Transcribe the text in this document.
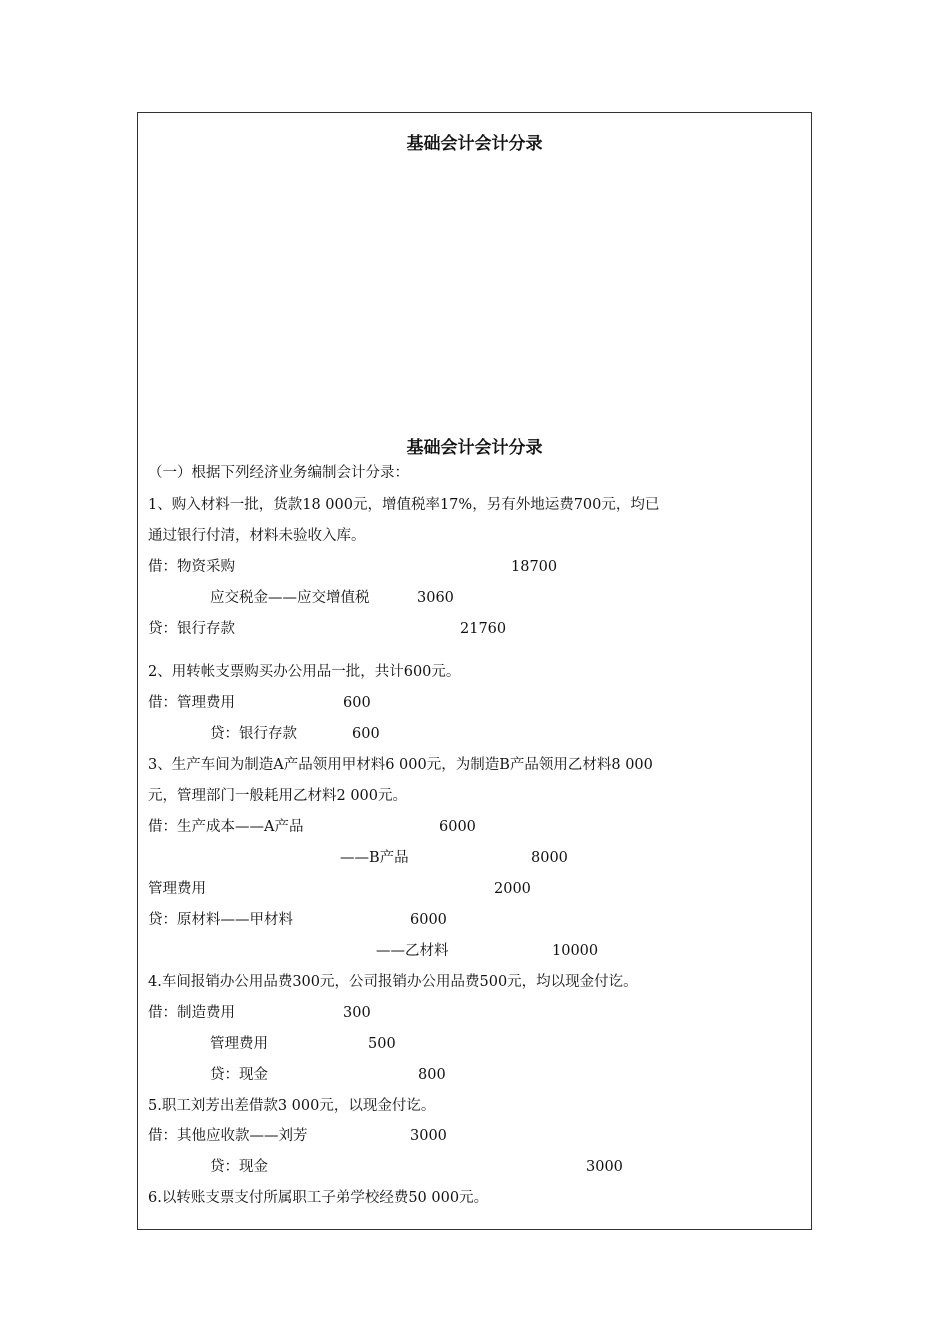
基础会计会计分录
基础会计会计分录
（一）根据下列经济业务编制会计分录：
1、购入材料一批，货款18 000元，增值税率17%，另有外地运费700元，均已
通过银行付清，材料未验收入库。
借：物资采购	18700
应交税金——应交增值税	3060
贷：银行存款	21760
2、用转帐支票购买办公用品一批，共计600元。
借：管理费用	600
贷：银行存款	600
3、生产车间为制造A产品领用甲材料6 000元，为制造B产品领用乙材料8 000
元，管理部门一般耗用乙材料2 000元。
借：生产成本——A产品	6000
——B产品	8000
管理费用	2000
贷：原材料——甲材料	6000
——乙材料	10000
4.车间报销办公用品费300元，公司报销办公用品费500元，均以现金付讫。
借：制造费用	300
管理费用	500
贷：现金	800
5.职工刘芳出差借款3 000元，以现金付讫。
借：其他应收款——刘芳	3000
贷：现金	3000
6.以转账支票支付所属职工子弟学校经费50 000元。
